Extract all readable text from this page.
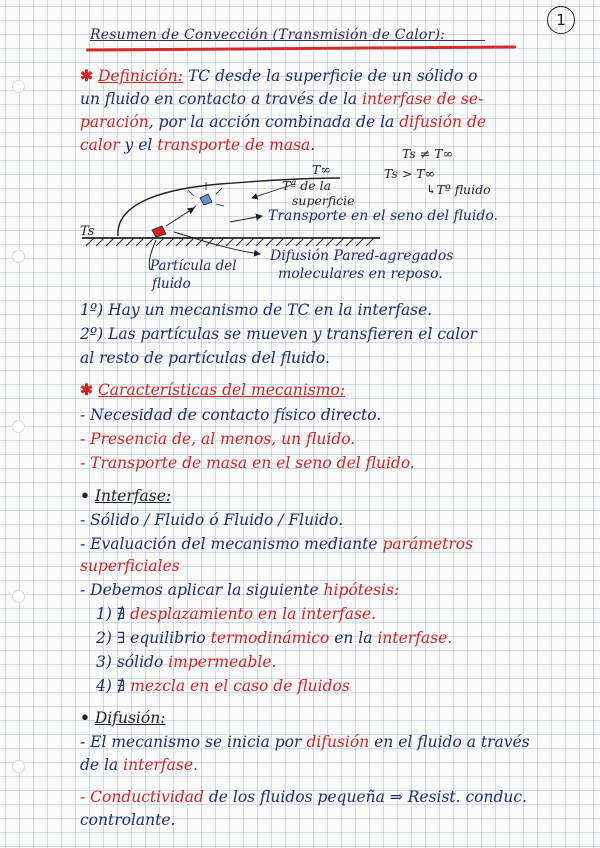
1
Resumen de Convección (Transmisión de Calor):
✱ Definición: TC desde la superficie de un sólido o
un fluido en contacto a través de la interfase de se-
paración, por la acción combinada de la difusión de
calor y el transporte de masa.
Ts
T∞
Tª de la
superficie
Ts ≠ T∞
Ts > T∞
↳Tª fluido
Transporte en el seno del fluido.
Partícula del
fluido
Difusión Pared-agregados
moleculares en reposo.
1º) Hay un mecanismo de TC en la interfase.
2º) Las partículas se mueven y transfieren el calor
al resto de partículas del fluido.
✱ Características del mecanismo:
- Necesidad de contacto físico directo.
- Presencia de, al menos, un fluido.
- Transporte de masa en el seno del fluido.
• Interfase:
- Sólido / Fluido ó Fluido / Fluido.
- Evaluación del mecanismo mediante parámetros
superficiales
- Debemos aplicar la siguiente hipótesis:
1) ∄ desplazamiento en la interfase.
2) ∃ equilibrio termodinámico en la interfase.
3) sólido impermeable.
4) ∄ mezcla en el caso de fluidos
• Difusión:
- El mecanismo se inicia por difusión en el fluido a través
de la interfase.
- Conductividad de los fluidos pequeña ⇒ Resist. conduc.
controlante.
